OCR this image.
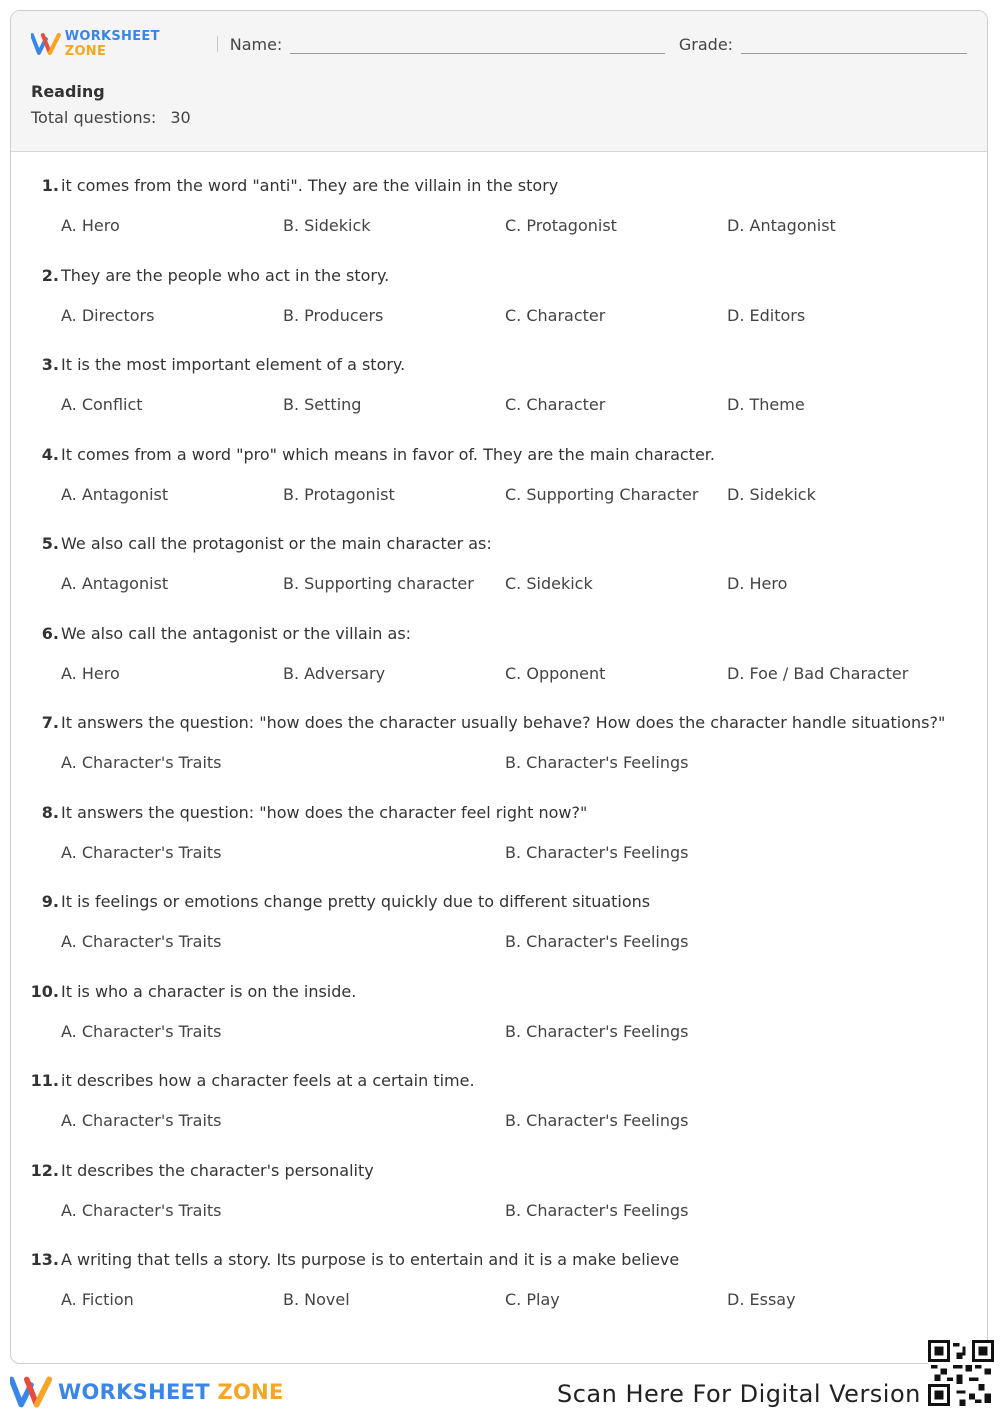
WORKSHEET ZONE	Name:	Grade:
Reading
Total questions: 30
1. it comes from the word "anti". They are the villain in the story
A. Hero	B. Sidekick	C. Protagonist	D. Antagonist
2. They are the people who act in the story.
A. Directors	B. Producers	C. Character	D. Editors
3. It is the most important element of a story.
A. Conflict	B. Setting	C. Character	D. Theme
4. It comes from a word "pro" which means in favor of. They are the main character.
A. Antagonist	B. Protagonist	C. Supporting Character D. Sidekick
5. We also call the protagonist or the main character as:
A. Antagonist	B. Supporting character C. Sidekick	D. Hero
6. We also call the antagonist or the villain as:
A. Hero	B. Adversary	C. Opponent	D. Foe / Bad Character
7. It answers the question: "how does the character usually behave? How does the character handle situations?"
A. Character's Traits	B. Character's Feelings
8. It answers the question: "how does the character feel right now?"
A. Character's Traits	B. Character's Feelings
9. It is feelings or emotions change pretty quickly due to different situations
A. Character's Traits	B. Character's Feelings
10. It is who a character is on the inside.
A. Character's Traits	B. Character's Feelings
11. it describes how a character feels at a certain time.
A. Character's Traits	B. Character's Feelings
12. It describes the character's personality
A. Character's Traits	B. Character's Feelings
13. A writing that tells a story. Its purpose is to entertain and it is a make believe
A. Fiction	B. Novel	C. Play	D. Essay
WORKSHEET ZONE	Scan Here For Digital Version
